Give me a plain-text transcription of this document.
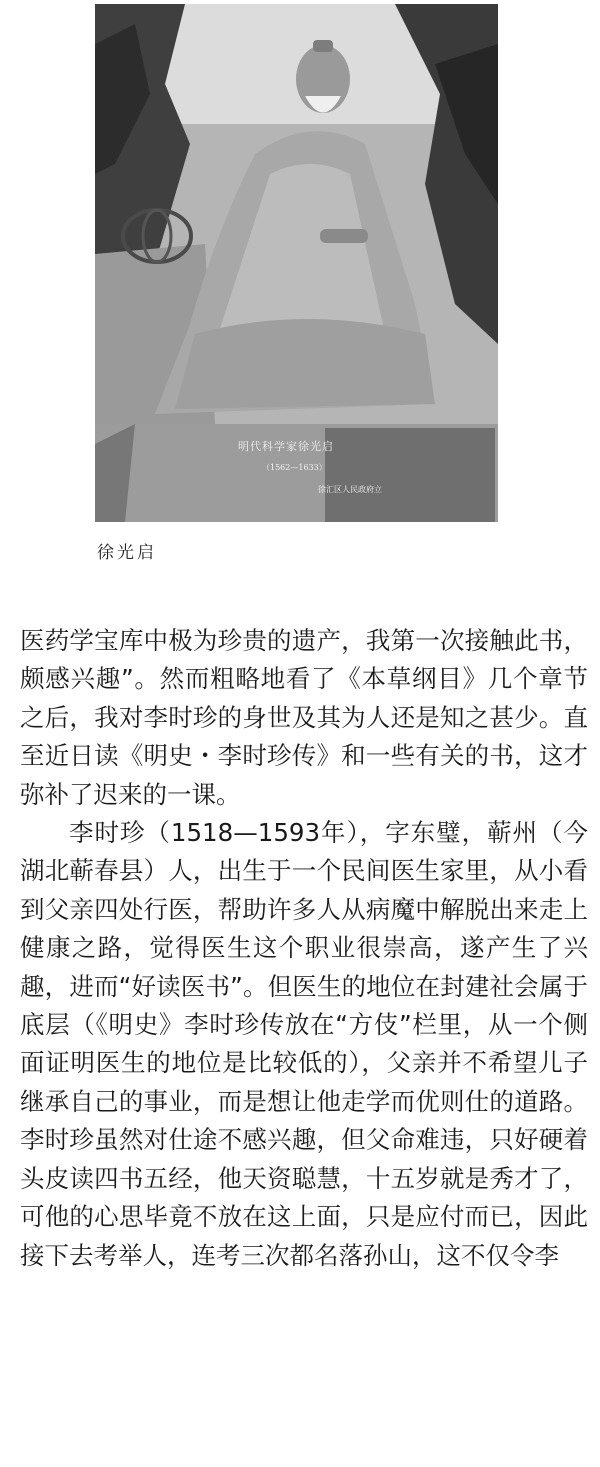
明代科学家徐光启
（1562—1633）
徐汇区人民政府立
徐光启

医药学宝库中极为珍贵的遗产，我第一次接触此书，颇感兴趣”。然而粗略地看了《本草纲目》几个章节之后，我对李时珍的身世及其为人还是知之甚少。直至近日读《明史・李时珍传》和一些有关的书，这才弥补了迟来的一课。

李时珍（1518—1593年），字东璧，蕲州（今湖北蕲春县）人，出生于一个民间医生家里，从小看到父亲四处行医，帮助许多人从病魔中解脱出来走上健康之路，觉得医生这个职业很崇高，遂产生了兴趣，进而“好读医书”。但医生的地位在封建社会属于底层（《明史》李时珍传放在“方伎”栏里，从一个侧面证明医生的地位是比较低的），父亲并不希望儿子继承自己的事业，而是想让他走学而优则仕的道路。李时珍虽然对仕途不感兴趣，但父命难违，只好硬着头皮读四书五经，他天资聪慧，十五岁就是秀才了，可他的心思毕竟不放在这上面，只是应付而已，因此接下去考举人，连考三次都名落孙山，这不仅令李
